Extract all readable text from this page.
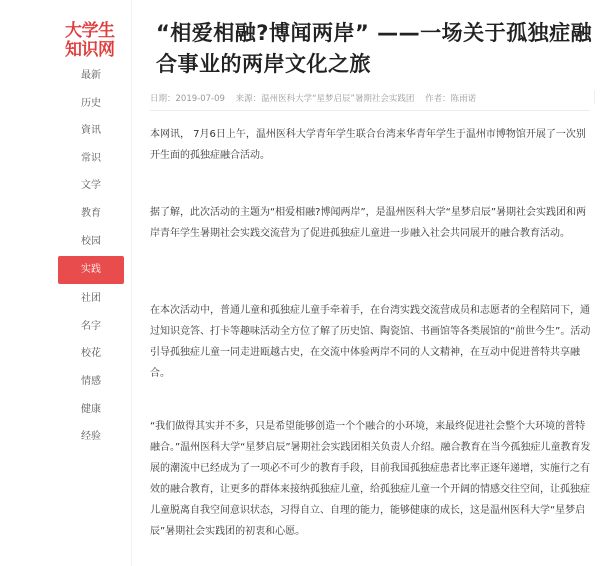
大学生
知识网
最新
历史
資讯
常识
文学
教育
校园
实践
社团
名字
校花
情感
健康
经验
“相爱相融?博闻两岸” ——一场关于孤独症融合事业的两岸文化之旅
日期：2019-07-09 来源：温州医科大学“星梦启辰”暑期社会实践团 作者：陈雨诺

本网讯， 7月6日上午，温州医科大学青年学生联合台湾来华青年学生于温州市博物馆开展了一次别开生面的孤独症融合活动。

据了解，此次活动的主题为“相爱相融?博闻两岸”，是温州医科大学“星梦启辰”暑期社会实践团和两岸青年学生暑期社会实践交流营为了促进孤独症儿童进一步融入社会共同展开的融合教育活动。

在本次活动中，普通儿童和孤独症儿童手牵着手，在台湾实践交流营成员和志愿者的全程陪同下，通过知识竞答、打卡等趣味活动全方位了解了历史馆、陶瓷馆、书画馆等各类展馆的“前世今生”。活动引导孤独症儿童一同走进瓯越古史，在交流中体验两岸不同的人文精神，在互动中促进普特共享融合。

“我们做得其实并不多，只是希望能够创造一个个融合的小环境，来最终促进社会整个大环境的普特融合。”温州医科大学“星梦启辰”暑期社会实践团相关负责人介绍。融合教育在当今孤独症儿童教育发展的潮流中已经成为了一项必不可少的教育手段，目前我国孤独症患者比率正逐年递增，实施行之有效的融合教育，让更多的群体来接纳孤独症儿童，给孤独症儿童一个开阔的情感交往空间，让孤独症儿童脱离自我空间意识状态，习得自立、自理的能力，能够健康的成长，这是温州医科大学“星梦启辰”暑期社会实践团的初衷和心愿。
